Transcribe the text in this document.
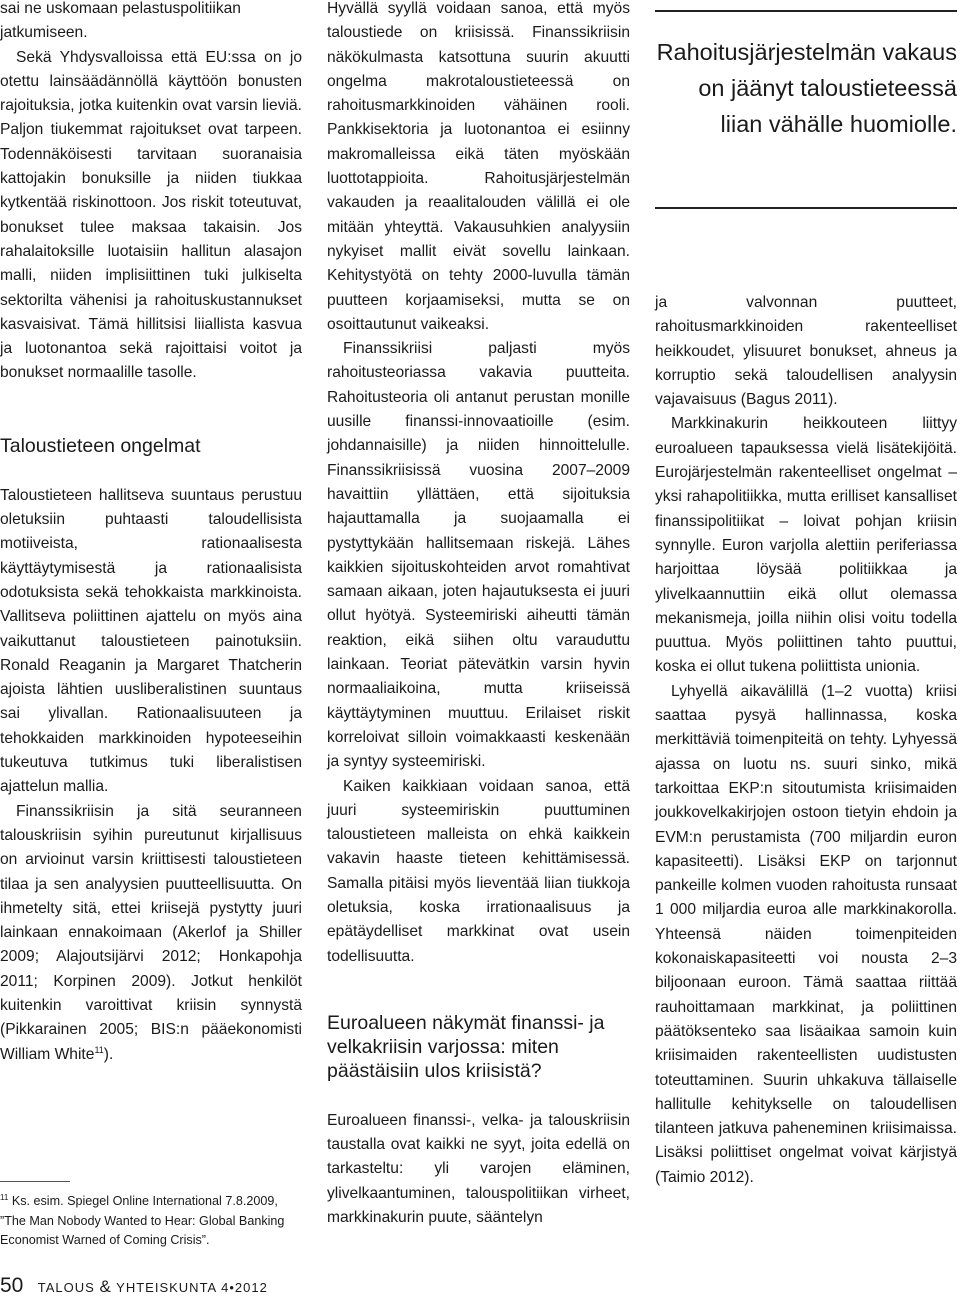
sai ne uskomaan pelastuspolitiikan jatkumiseen.

Sekä Yhdysvalloissa että EU:ssa on jo otettu lainsäädännöllä käyttöön bonusten rajoituksia, jotka kuitenkin ovat varsin lieviä. Paljon tiukemmat rajoitukset ovat tarpeen. Todennäköisesti tarvitaan suoranaisia kattojakin bonuksille ja niiden tiukkaa kytkentää riskinottoon. Jos riskit toteutuvat, bonukset tulee maksaa takaisin. Jos rahalaitoksille luotaisiin hallitun alasajon malli, niiden implisiittinen tuki julkiselta sektorilta vähenisi ja rahoituskustannukset kasvaisivat. Tämä hillitsisi liiallista kasvua ja luotonantoa sekä rajoittaisi voitot ja bonukset normaalille tasolle.

Taloustieteen ongelmat

Taloustieteen hallitseva suuntaus perustuu oletuksiin puhtaasti taloudellisista motiiveista, rationaalisesta käyttäytymisestä ja rationaalisista odotuksista sekä tehokkaista markkinoista. Vallitseva poliittinen ajattelu on myös aina vaikuttanut taloustieteen painotuksiin. Ronald Reaganin ja Margaret Thatcherin ajoista lähtien uusliberalistinen suuntaus sai ylivallan. Rationaalisuuteen ja tehokkaiden markkinoiden hypoteeseihin tukeutuva tutkimus tuki liberalistisen ajattelun mallia.

Finanssikriisin ja sitä seuranneen talouskriisin syihin pureutunut kirjallisuus on arvioinut varsin kriittisesti taloustieteen tilaa ja sen analyysien puutteellisuutta. On ihmetelty sitä, ettei kriisejä pystytty juuri lainkaan ennakoimaan (Akerlof ja Shiller 2009; Alajoutsijärvi 2012; Honkapohja 2011; Korpinen 2009). Jotkut henkilöt kuitenkin varoittivat kriisin synnystä (Pikkarainen 2005; BIS:n pääekonomisti William White$^{11}$).

$^{11}$ Ks. esim. Spiegel Online International 7.8.2009, ”The Man Nobody Wanted to Hear: Global Banking Economist Warned of Coming Crisis”.

Hyvällä syyllä voidaan sanoa, että myös taloustiede on kriisissä. Finanssikriisin näkökulmasta katsottuna suurin akuutti ongelma makrotaloustieteessä on rahoitusmarkkinoiden vähäinen rooli. Pankkisektoria ja luotonantoa ei esiinny makromalleissa eikä täten myöskään luottotappioita. Rahoitusjärjestelmän vakauden ja reaalitalouden välillä ei ole mitään yhteyttä. Vakausuhkien analyysiin nykyiset mallit eivät sovellu lainkaan. Kehitystyötä on tehty 2000-luvulla tämän puutteen korjaamiseksi, mutta se on osoittautunut vaikeaksi.

Finanssikriisi paljasti myös rahoitusteoriassa vakavia puutteita. Rahoitusteoria oli antanut perustan monille uusille finanssi-innovaatioille (esim. johdannaisille) ja niiden hinnoittelulle. Finanssikriisissä vuosina 2007–2009 havaittiin yllättäen, että sijoituksia hajauttamalla ja suojaamalla ei pystyttykään hallitsemaan riskejä. Lähes kaikkien sijoituskohteiden arvot romahtivat samaan aikaan, joten hajautuksesta ei juuri ollut hyötyä. Systeemiriski aiheutti tämän reaktion, eikä siihen oltu varauduttu lainkaan. Teoriat pätevätkin varsin hyvin normaaliaikoina, mutta kriiseissä käyttäytyminen muuttuu. Erilaiset riskit korreloivat silloin voimakkaasti keskenään ja syntyy systeemiriski.

Kaiken kaikkiaan voidaan sanoa, että juuri systeemiriskin puuttuminen taloustieteen malleista on ehkä kaikkein vakavin haaste tieteen kehittämisessä. Samalla pitäisi myös lieventää liian tiukkoja oletuksia, koska irrationaalisuus ja epätäydelliset markkinat ovat usein todellisuutta.

Euroalueen näkymät finanssi- ja velkakriisin varjossa: miten päästäisiin ulos kriisistä?

Euroalueen finanssi-, velka- ja talouskriisin taustalla ovat kaikki ne syyt, joita edellä on tarkasteltu: yli varojen eläminen, ylivelkaantuminen, talouspolitiikan virheet, markkinakurin puute, sääntelyn

Rahoitusjärjestelmän vakaus on jäänyt taloustieteessä liian vähälle huomiolle.

ja valvonnan puutteet, rahoitusmarkkinoiden rakenteelliset heikkoudet, ylisuuret bonukset, ahneus ja korruptio sekä taloudellisen analyysin vajavaisuus (Bagus 2011).

Markkinakurin heikkouteen liittyy euroalueen tapauksessa vielä lisätekijöitä. Eurojärjestelmän rakenteelliset ongelmat – yksi rahapolitiikka, mutta erilliset kansalliset finanssipolitiikat – loivat pohjan kriisin synnylle. Euron varjolla alettiin periferiassa harjoittaa löysää politiikkaa ja ylivelkaannuttiin eikä ollut olemassa mekanismeja, joilla niihin olisi voitu todella puuttua. Myös poliittinen tahto puuttui, koska ei ollut tukena poliittista unionia.

Lyhyellä aikavälillä (1–2 vuotta) kriisi saattaa pysyä hallinnassa, koska merkittäviä toimenpiteitä on tehty. Lyhyessä ajassa on luotu ns. suuri sinko, mikä tarkoittaa EKP:n sitoutumista kriisimaiden joukkovelkakirjojen ostoon tietyin ehdoin ja EVM:n perustamista (700 miljardin euron kapasiteetti). Lisäksi EKP on tarjonnut pankeille kolmen vuoden rahoitusta runsaat 1 000 miljardia euroa alle markkinakorolla. Yhteensä näiden toimenpiteiden kokonaiskapasiteetti voi nousta 2–3 biljoonaan euroon. Tämä saattaa riittää rauhoittamaan markkinat, ja poliittinen päätöksenteko saa lisäaikaa samoin kuin kriisimaiden rakenteellisten uudistusten toteuttaminen. Suurin uhkakuva tällaiselle hallitulle kehitykselle on taloudellisen tilanteen jatkuva paheneminen kriisimaissa. Lisäksi poliittiset ongelmat voivat kärjistyä (Taimio 2012).

50 TALOUS & YHTEISKUNTA 4•2012
